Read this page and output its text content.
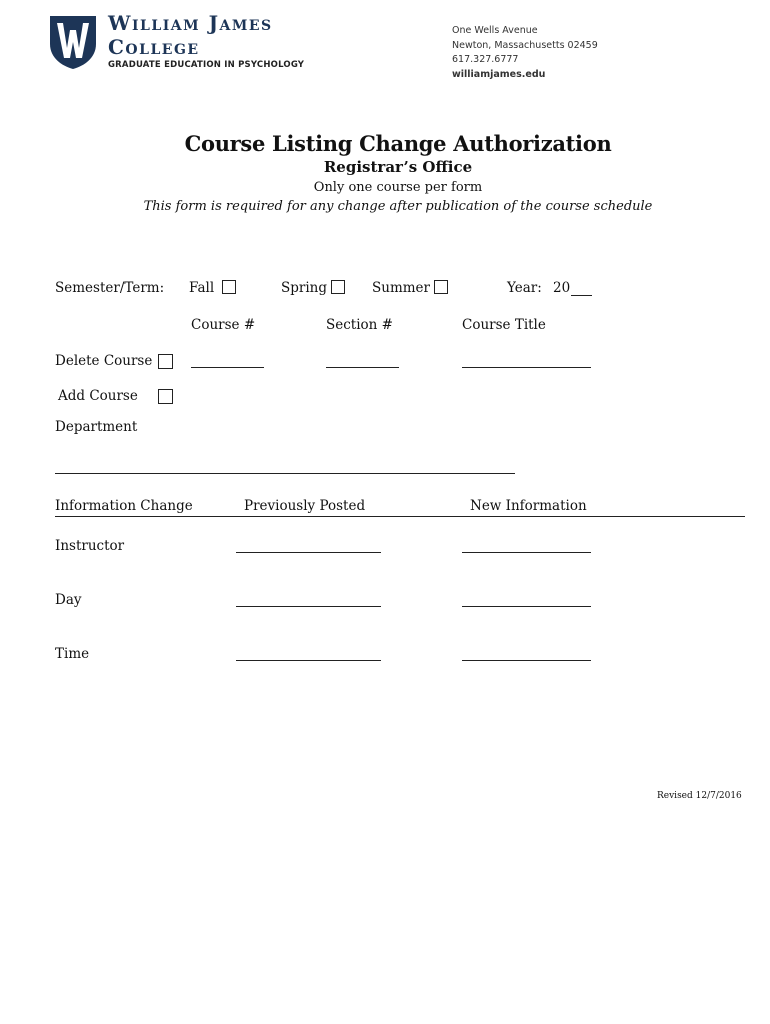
William James
College
GRADUATE EDUCATION IN PSYCHOLOGY
One Wells Avenue
Newton, Massachusetts 02459
617.327.6777
williamjames.edu
Course Listing Change Authorization
Registrar’s Office
Only one course per form
This form is required for any change after publication of the course schedule
Semester/Term: Fall	Spring	Summer	Year: 20
Course #	Section #	Course Title
Delete Course
Add Course
Department
Information Change	Previously Posted	New Information
Instructor
Day
Time
Revised 12/7/2016
